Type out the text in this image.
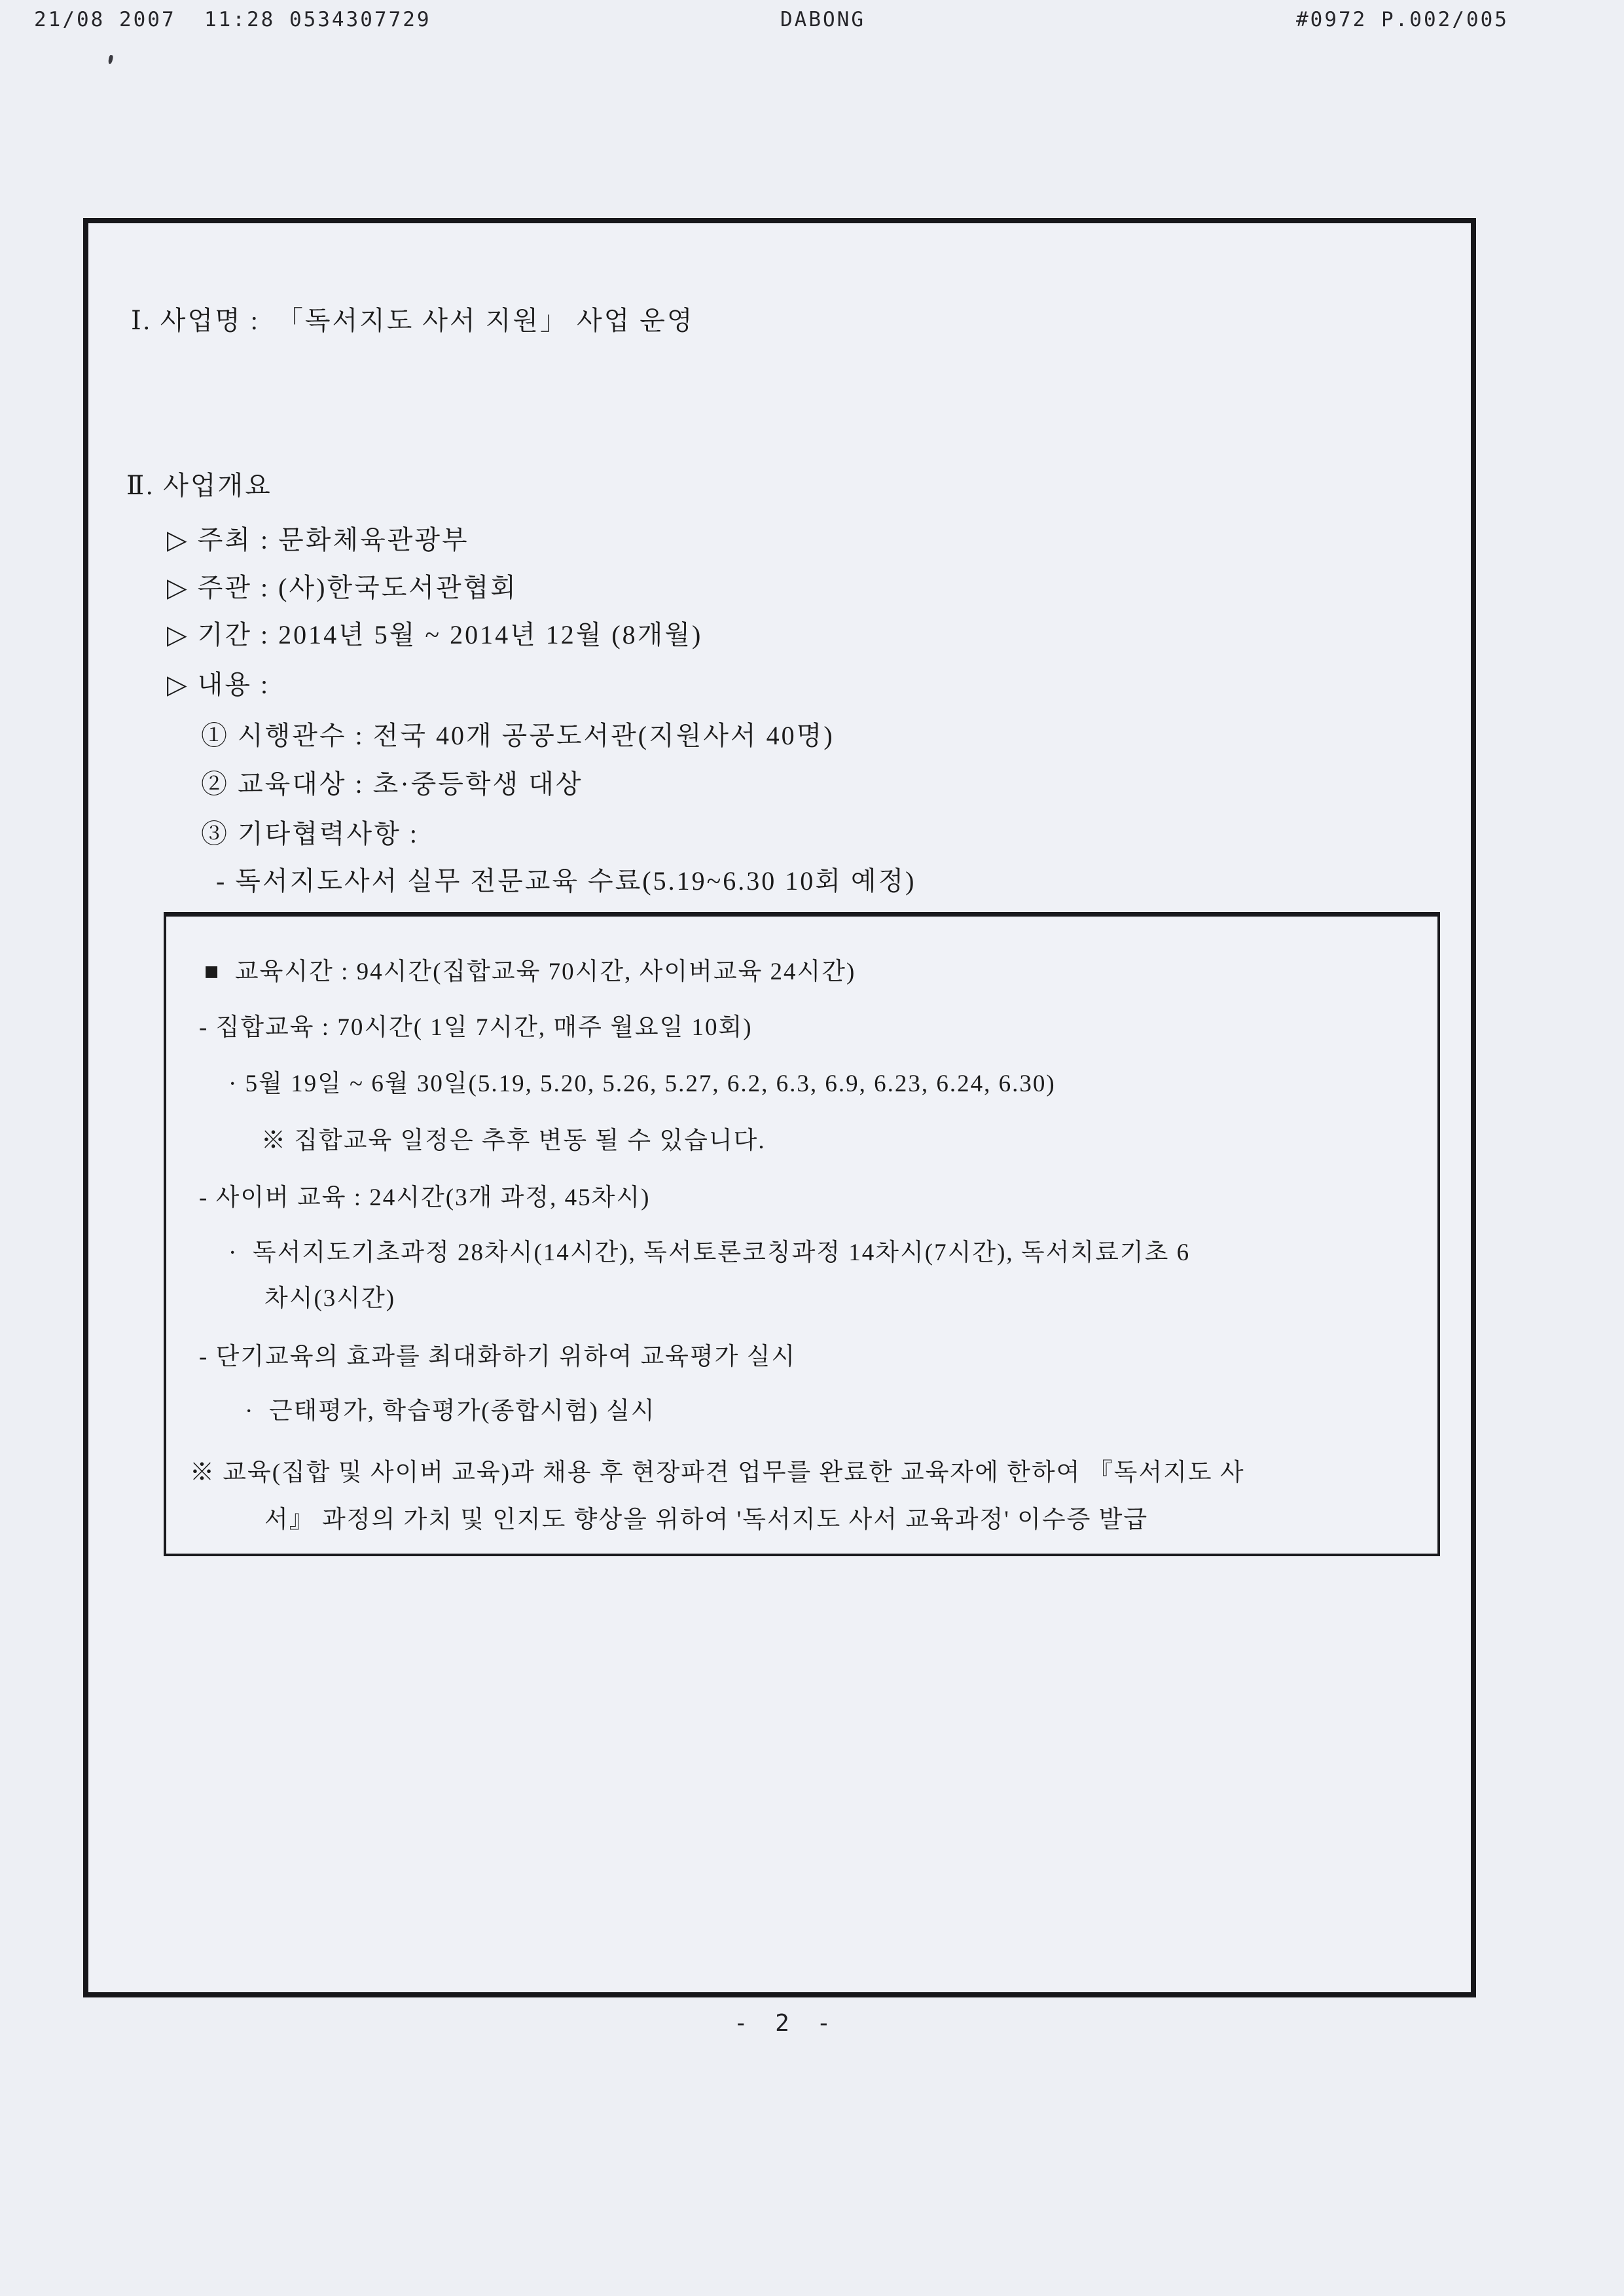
21/08 2007  11:28 0534307729	DABONG	#0972 P.002/005
Ⅰ. 사업명 :  「독서지도 사서 지원」 사업 운영
Ⅱ. 사업개요
▷ 주최 : 문화체육관광부
▷ 주관 : (사)한국도서관협회
▷ 기간 : 2014년 5월 ~ 2014년 12월 (8개월)
▷ 내용 :
① 시행관수 : 전국 40개 공공도서관(지원사서 40명)
② 교육대상 : 초·중등학생 대상
③ 기타협력사항 :
- 독서지도사서 실무 전문교육 수료(5.19~6.30 10회 예정)
■  교육시간 : 94시간(집합교육 70시간, 사이버교육 24시간)
- 집합교육 : 70시간( 1일 7시간, 매주 월요일 10회)
· 5월 19일 ~ 6월 30일(5.19, 5.20, 5.26, 5.27, 6.2, 6.3, 6.9, 6.23, 6.24, 6.30)
※ 집합교육 일정은 추후 변동 될 수 있습니다.
- 사이버 교육 : 24시간(3개 과정, 45차시)
·  독서지도기초과정 28차시(14시간), 독서토론코칭과정 14차시(7시간), 독서치료기초 6
차시(3시간)
- 단기교육의 효과를 최대화하기 위하여 교육평가 실시
·  근태평가, 학습평가(종합시험) 실시
※ 교육(집합 및 사이버 교육)과 채용 후 현장파견 업무를 완료한 교육자에 한하여 『독서지도 사
서』 과정의 가치 및 인지도 향상을 위하여 '독서지도 사서 교육과정' 이수증 발급
- 2 -
